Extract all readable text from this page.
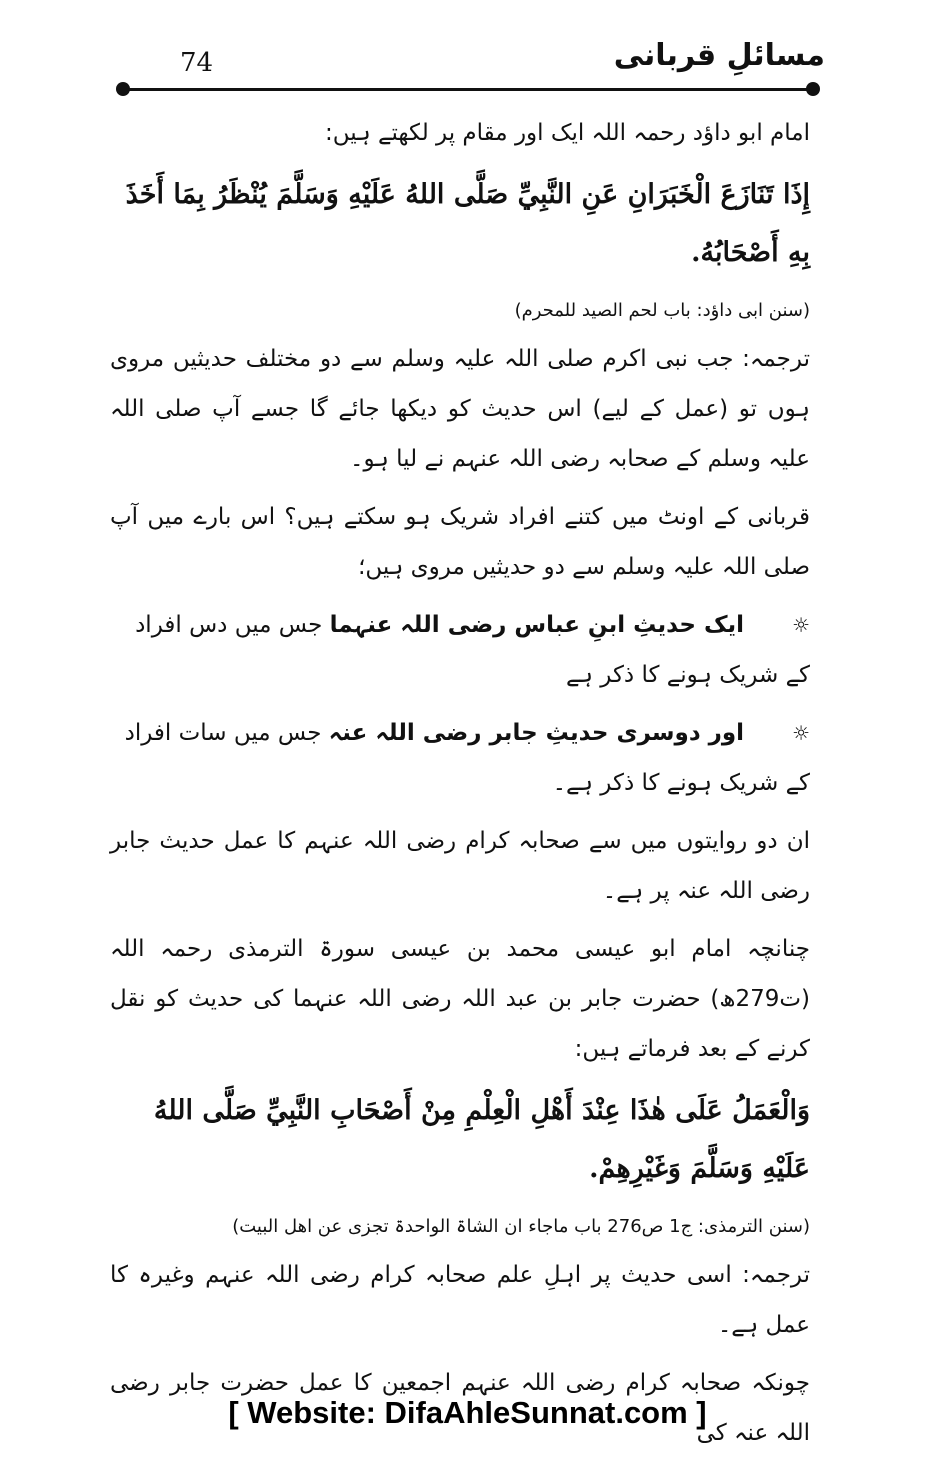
74	مسائلِ قربانی

امام ابو داؤد رحمہ اللہ ایک اور مقام پر لکھتے ہیں:

إِذَا تَنَازَعَ الْخَبَرَانِ عَنِ النَّبِيِّ صَلَّى اللهُ عَلَيْهِ وَسَلَّمَ يُنْظَرُ بِمَا أَخَذَ بِهِ أَصْحَابُهُ.

(سنن ابی داؤد: باب لحم الصید للمحرم)

ترجمہ: جب نبی اکرم صلی اللہ علیہ وسلم سے دو مختلف حدیثیں مروی ہوں تو (عمل کے لیے) اس حدیث کو دیکھا جائے گا جسے آپ صلی اللہ علیہ وسلم کے صحابہ رضی اللہ عنہم نے لیا ہو۔

قربانی کے اونٹ میں کتنے افراد شریک ہو سکتے ہیں؟ اس بارے میں آپ صلی اللہ علیہ وسلم سے دو حدیثیں مروی ہیں؛

☼ایک حدیثِ ابنِ عباس رضی اللہ عنہما جس میں دس افراد کے شریک ہونے کا ذکر ہے

☼اور دوسری حدیثِ جابر رضی اللہ عنہ جس میں سات افراد کے شریک ہونے کا ذکر ہے۔

ان دو روایتوں میں سے صحابہ کرام رضی اللہ عنہم کا عمل حدیث جابر رضی اللہ عنہ پر ہے۔

چنانچہ امام ابو عیسی محمد بن عیسی سورۃ الترمذی رحمہ اللہ (ت279ھ) حضرت جابر بن عبد اللہ رضی اللہ عنہما کی حدیث کو نقل کرنے کے بعد فرماتے ہیں:

وَالْعَمَلُ عَلَى هٰذَا عِنْدَ أَهْلِ الْعِلْمِ مِنْ أَصْحَابِ النَّبِيِّ صَلَّى اللهُ عَلَيْهِ وَسَلَّمَ وَغَيْرِهِمْ.

(سنن الترمذی: ج1 ص276 باب ماجاء ان الشاۃ الواحدۃ تجزی عن اھل البیت)

ترجمہ: اسی حدیث پر اہلِ علم صحابہ کرام رضی اللہ عنہم وغیرہ کا عمل ہے۔

چونکہ صحابہ کرام رضی اللہ عنہم اجمعین کا عمل حضرت جابر رضی اللہ عنہ کی

[ Website: DifaAhleSunnat.com ]
